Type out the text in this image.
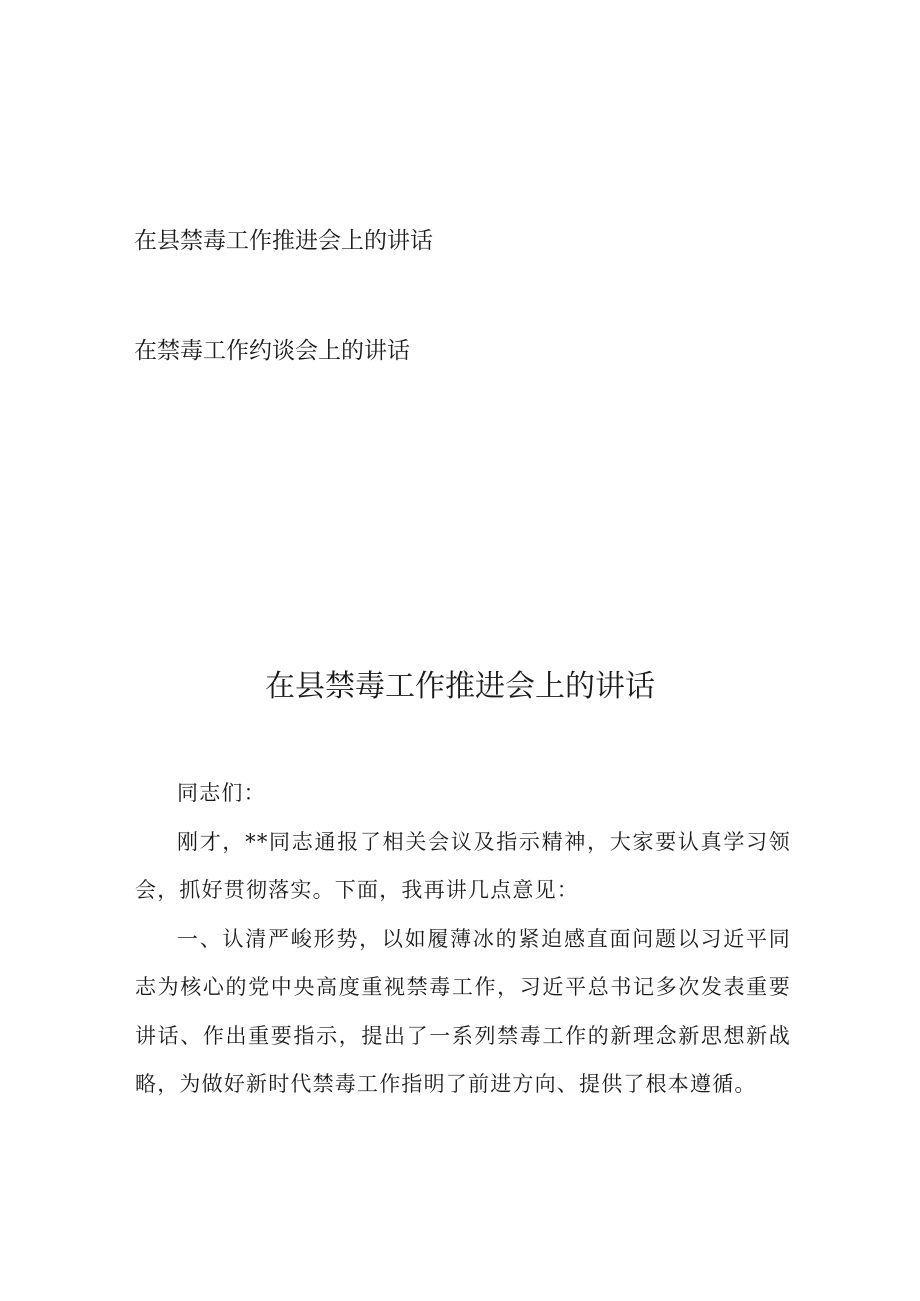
在县禁毒工作推进会上的讲话
在禁毒工作约谈会上的讲话
在县禁毒工作推进会上的讲话

同志们：

刚才，**同志通报了相关会议及指示精神，大家要认真学习领会，抓好贯彻落实。下面，我再讲几点意见：

一、认清严峻形势，以如履薄冰的紧迫感直面问题以习近平同志为核心的党中央高度重视禁毒工作，习近平总书记多次发表重要讲话、作出重要指示，提出了一系列禁毒工作的新理念新思想新战略，为做好新时代禁毒工作指明了前进方向、提供了根本遵循。
